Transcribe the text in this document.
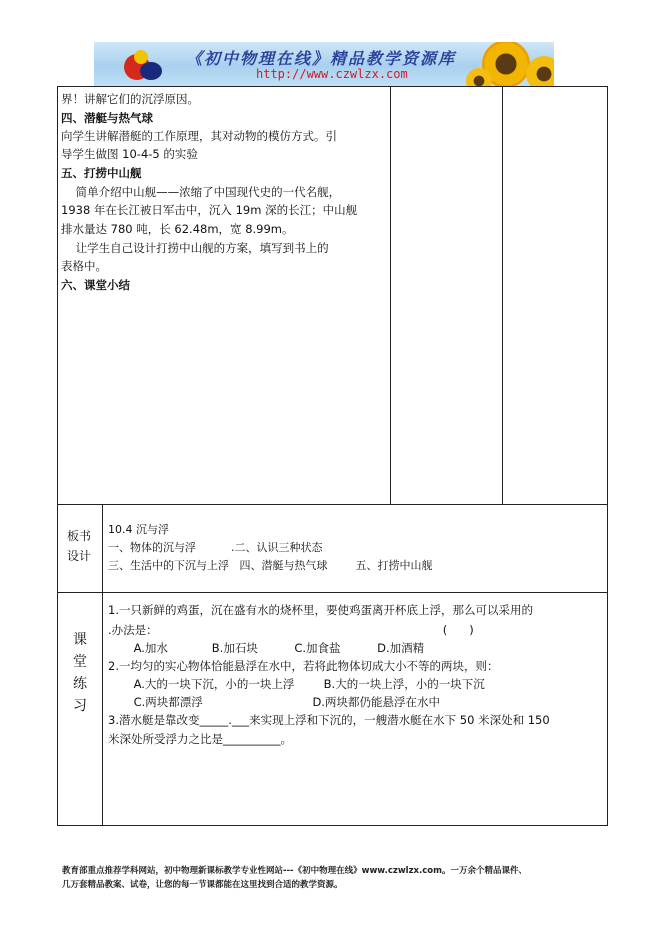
《初中物理在线》精品教学资源库
http://www.czwlzx.com
界！讲解它们的沉浮原因。
四、潜艇与热气球
向学生讲解潜艇的工作原理，其对动物的模仿方式。引
导学生做图 10-4-5 的实验
五、打捞中山舰
简单介绍中山舰——浓缩了中国现代史的一代名舰，
1938 年在长江被日军击中，沉入 19m 深的长江；中山舰
排水量达 780 吨，长 62.48m，宽 8.99m。
让学生自己设计打捞中山舰的方案，填写到书上的
表格中。
六、课堂小结
板书
设计
10.4 沉与浮
一、物体的沉与浮          .二、认识三种状态
三、生活中的下沉与上浮   四、潜艇与热气球        五、打捞中山舰
课
堂
练
习
1.一只新鲜的鸡蛋，沉在盛有水的烧杯里，要使鸡蛋离开杯底上浮，那么可以采用的
.办法是：                                                                              (      )
A.加水            B.加石块          C.加食盐          D.加酒精
2.一均匀的实心物体恰能悬浮在水中，若将此物体切成大小不等的两块，则：
A.大的一块下沉，小的一块上浮        B.大的一块上浮，小的一块下沉
C.两块都漂浮                              D.两块都仍能悬浮在水中
3.潜水艇是靠改变_____.___来实现上浮和下沉的，一艘潜水艇在水下 50 米深处和 150
米深处所受浮力之比是__________。
教育部重点推荐学科网站，初中物理新课标教学专业性网站---《初中物理在线》www.czwlzx.com。一万余个精品课件、
几万套精品教案、试卷，让您的每一节课都能在这里找到合适的教学资源。
